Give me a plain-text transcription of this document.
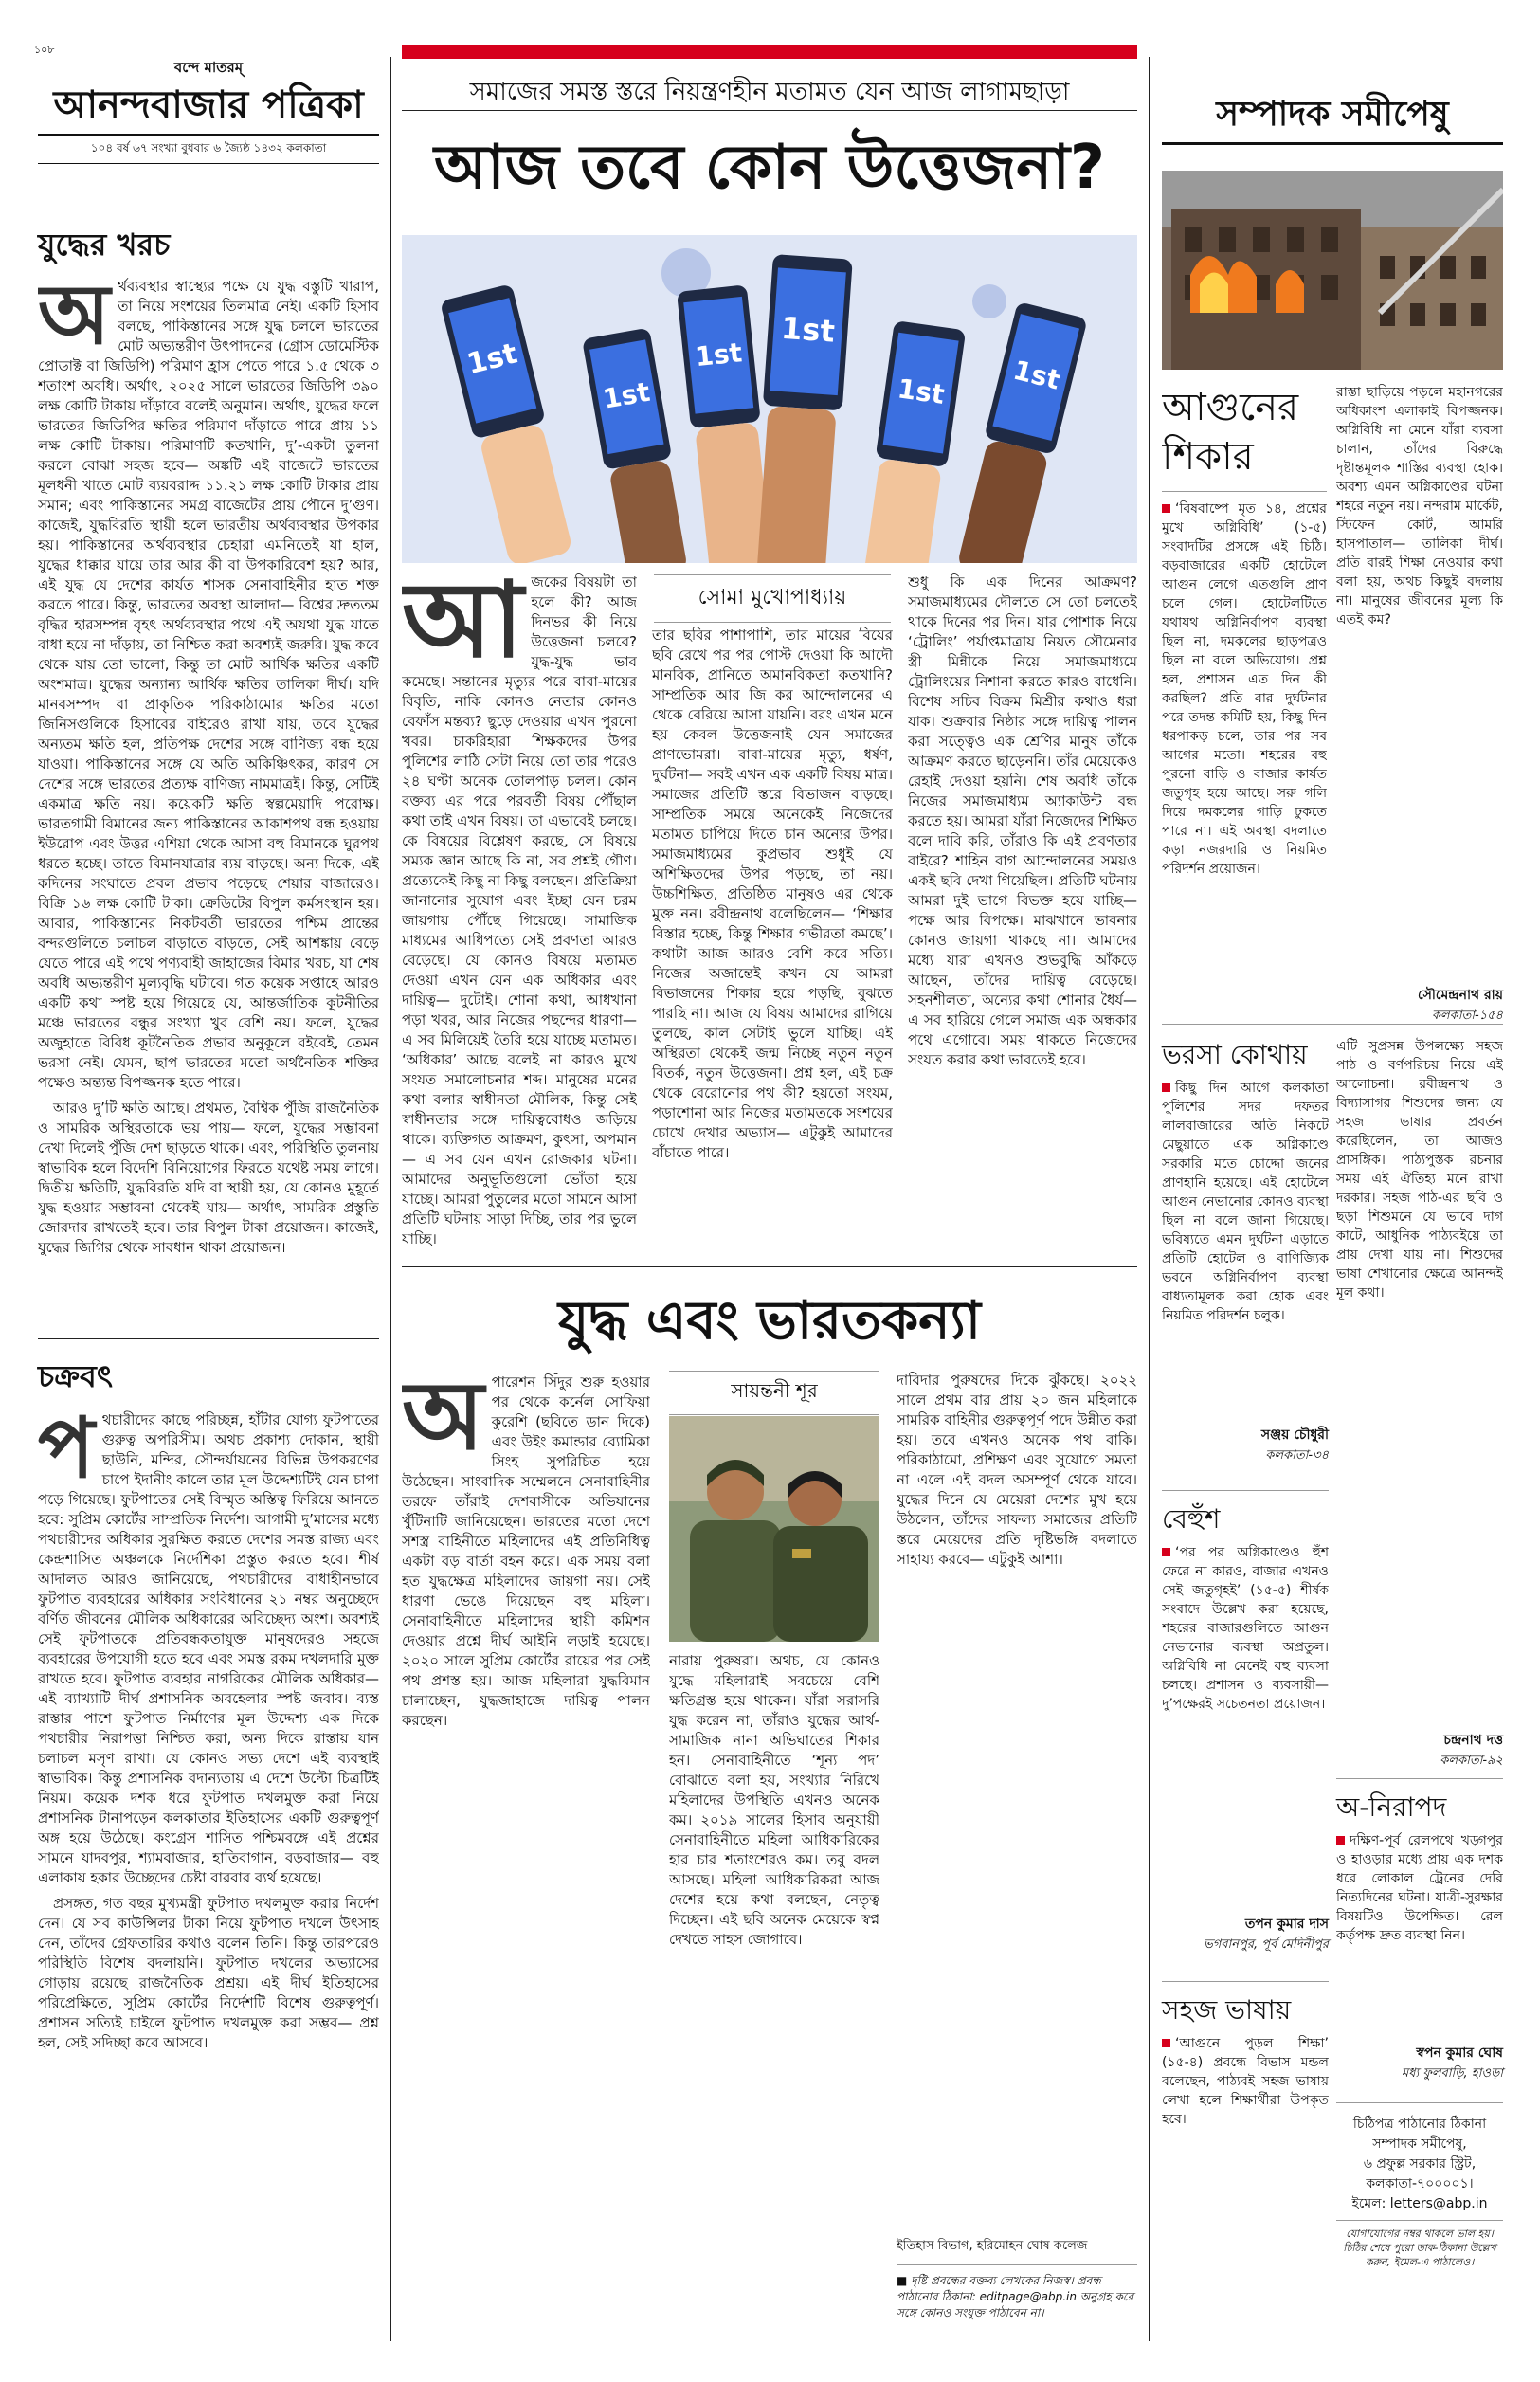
১০৮
বন্দে মাতরম্
আনন্দবাজার পত্রিকা
১০৪ বর্ষ ৬৭ সংখ্যা বুধবার ৬ জ্যৈষ্ঠ ১৪৩২ কলকাতা
যুদ্ধের খরচ
অর্থব্যবস্থার স্বাস্থ্যের পক্ষে যে যুদ্ধ বস্তুটি খারাপ, তা নিয়ে সংশয়ের তিলমাত্র নেই। একটি হিসাব বলছে, পাকিস্তানের সঙ্গে যুদ্ধ চললে ভারতের মোট অভ্যন্তরীণ উৎপাদনের (গ্রোস ডোমেস্টিক প্রোডাক্ট বা জিডিপি) পরিমাণ হ্রাস পেতে পারে ১.৫ থেকে ৩ শতাংশ অবধি। অর্থাৎ, ২০২৫ সালে ভারতের জিডিপি ৩৯০ লক্ষ কোটি টাকায় দাঁড়াবে বলেই অনুমান। অর্থাৎ, যুদ্ধের ফলে ভারতের জিডিপির ক্ষতির পরিমাণ দাঁড়াতে পারে প্রায় ১১ লক্ষ কোটি টাকায়। পরিমাণটি কতখানি, দু’-একটা তুলনা করলে বোঝা সহজ হবে— অঙ্কটি এই বাজেটে ভারতের মূলধনী খাতে মোট ব্যয়বরাদ্দ ১১.২১ লক্ষ কোটি টাকার প্রায় সমান; এবং পাকিস্তানের সমগ্র বাজেটের প্রায় পৌনে দু’গুণ। কাজেই, যুদ্ধবিরতি স্থায়ী হলে ভারতীয় অর্থব্যবস্থার উপকার হয়। পাকিস্তানের অর্থব্যবস্থার চেহারা এমনিতেই যা হাল, যুদ্ধের ধাক্কার যায়ে তার আর কী বা উপকারিবেশ হয়? আর, এই যুদ্ধ যে দেশের কার্যত শাসক সেনাবাহিনীর হাত শক্ত করতে পারে। কিন্তু, ভারতের অবস্থা আলাদা— বিশ্বের দ্রুততম বৃদ্ধির হারসম্পন্ন বৃহৎ অর্থব্যবস্থার পথে এই অযথা যুদ্ধ যাতে বাধা হয়ে না দাঁড়ায়, তা নিশ্চিত করা অবশ্যই জরুরি। যুদ্ধ কবে থেকে যায় তো ভালো, কিন্তু তা মোট আর্থিক ক্ষতির একটি অংশমাত্র। যুদ্ধের অন্যান্য আর্থিক ক্ষতির তালিকা দীর্ঘ। যদি মানবসম্পদ বা প্রাকৃতিক পরিকাঠামোর ক্ষতির মতো জিনিসগুলিকে হিসাবের বাইরেও রাখা যায়, তবে যুদ্ধের অন্যতম ক্ষতি হল, প্রতিপক্ষ দেশের সঙ্গে বাণিজ্য বন্ধ হয়ে যাওয়া। পাকিস্তানের সঙ্গে যে অতি অকিঞ্চিৎকর, কারণ সে দেশের সঙ্গে ভারতের প্রত্যক্ষ বাণিজ্য নামমাত্রই। কিন্তু, সেটিই একমাত্র ক্ষতি নয়। কয়েকটি ক্ষতি স্বল্পমেয়াদি পরোক্ষ। ভারতগামী বিমানের জন্য পাকিস্তানের আকাশপথ বন্ধ হওয়ায় ইউরোপ এবং উত্তর এশিয়া থেকে আসা বহু বিমানকে ঘুরপথ ধরতে হচ্ছে। তাতে বিমানযাত্রার ব্যয় বাড়ছে। অন্য দিকে, এই কদিনের সংঘাতে প্রবল প্রভাব পড়েছে শেয়ার বাজারেও। বিক্রি ১৬ লক্ষ কোটি টাকা। ক্রেডিটের বিপুল কর্মসংস্থান হয়। আবার, পাকিস্তানের নিকটবর্তী ভারতের পশ্চিম প্রান্তের বন্দরগুলিতে চলাচল বাড়াতে বাড়তে, সেই আশঙ্কায় বেড়ে যেতে পারে এই পথে পণ্যবাহী জাহাজের বিমার খরচ, যা শেষ অবধি অভ্যন্তরীণ মূল্যবৃদ্ধি ঘটাবে। গত কয়েক সপ্তাহে আরও একটি কথা স্পষ্ট হয়ে গিয়েছে যে, আন্তর্জাতিক কূটনীতির মঞ্চে ভারতের বন্ধুর সংখ্যা খুব বেশি নয়। ফলে, যুদ্ধের অজুহাতে বিবিধ কূটনৈতিক প্রভাব অনুকূলে বইবেই, তেমন ভরসা নেই। যেমন, ছাপ ভারতের মতো অর্থনৈতিক শক্তির পক্ষেও অন্ত্যন্ত বিপজ্জনক হতে পারে।

আরও দু’টি ক্ষতি আছে। প্রথমত, বৈশ্বিক পুঁজি রাজনৈতিক ও সামরিক অস্থিরতাকে ভয় পায়— ফলে, যুদ্ধের সম্ভাবনা দেখা দিলেই পুঁজি দেশ ছাড়তে থাকে। এবং, পরিস্থিতি তুলনায় স্বাভাবিক হলে বিদেশি বিনিয়োগের ফিরতে যথেষ্ট সময় লাগে। দ্বিতীয় ক্ষতিটি, যুদ্ধবিরতি যদি বা স্থায়ী হয়, যে কোনও মুহূর্তে যুদ্ধ হওয়ার সম্ভাবনা থেকেই যায়— অর্থাৎ, সামরিক প্রস্তুতি জোরদার রাখতেই হবে। তার বিপুল টাকা প্রয়োজন। কাজেই, যুদ্ধের জিগির থেকে সাবধান থাকা প্রয়োজন।

চক্রবৎ
পথচারীদের কাছে পরিচ্ছন্ন, হাঁটার যোগ্য ফুটপাতের গুরুত্ব অপরিসীম। অথচ প্রকাশ্য দোকান, স্থায়ী ছাউনি, মন্দির, সৌন্দর্যায়নের বিভিন্ন উপকরণের চাপে ইদানীং কালে তার মূল উদ্দেশ্যটিই যেন চাপা পড়ে গিয়েছে। ফুটপাতের সেই বিস্মৃত অস্তিত্ব ফিরিয়ে আনতে হবে: সুপ্রিম কোর্টের সাম্প্রতিক নির্দেশ। আগামী দু’মাসের মধ্যে পথচারীদের অধিকার সুরক্ষিত করতে দেশের সমস্ত রাজ্য এবং কেন্দ্রশাসিত অঞ্চলকে নির্দেশিকা প্রস্তুত করতে হবে। শীর্ষ আদালত আরও জানিয়েছে, পথচারীদের বাধাহীনভাবে ফুটপাত ব্যবহারের অধিকার সংবিধানের ২১ নম্বর অনুচ্ছেদে বর্ণিত জীবনের মৌলিক অধিকারের অবিচ্ছেদ্য অংশ। অবশ্যই সেই ফুটপাতকে প্রতিবন্ধকতাযুক্ত মানুষদেরও সহজে ব্যবহারের উপযোগী হতে হবে এবং সমস্ত রকম দখলদারি মুক্ত রাখতে হবে। ফুটপাত ব্যবহার নাগরিকের মৌলিক অধিকার— এই ব্যাখ্যাটি দীর্ঘ প্রশাসনিক অবহেলার স্পষ্ট জবাব। ব্যস্ত রাস্তার পাশে ফুটপাত নির্মাণের মূল উদ্দেশ্য এক দিকে পথচারীর নিরাপত্তা নিশ্চিত করা, অন্য দিকে রাস্তায় যান চলাচল মসৃণ রাখা। যে কোনও সভ্য দেশে এই ব্যবস্থাই স্বাভাবিক। কিন্তু প্রশাসনিক বদান্যতায় এ দেশে উল্টো চিত্রটিই নিয়ম। কয়েক দশক ধরে ফুটপাত দখলমুক্ত করা নিয়ে প্রশাসনিক টানাপড়েন কলকাতার ইতিহাসের একটি গুরুত্বপূর্ণ অঙ্গ হয়ে উঠেছে। কংগ্রেস শাসিত পশ্চিমবঙ্গে এই প্রশ্নের সামনে যাদবপুর, শ্যামবাজার, হাতিবাগান, বড়বাজার— বহু এলাকায় হকার উচ্ছেদের চেষ্টা বারবার ব্যর্থ হয়েছে।

প্রসঙ্গত, গত বছর মুখ্যমন্ত্রী ফুটপাত দখলমুক্ত করার নির্দেশ দেন। যে সব কাউন্সিলর টাকা নিয়ে ফুটপাত দখলে উৎসাহ দেন, তাঁদের গ্রেফতারির কথাও বলেন তিনি। কিন্তু তারপরেও পরিস্থিতি বিশেষ বদলায়নি। ফুটপাত দখলের অভ্যাসের গোড়ায় রয়েছে রাজনৈতিক প্রশ্রয়। এই দীর্ঘ ইতিহাসের পরিপ্রেক্ষিতে, সুপ্রিম কোর্টের নির্দেশটি বিশেষ গুরুত্বপূর্ণ। প্রশাসন সত্যিই চাইলে ফুটপাত দখলমুক্ত করা সম্ভব— প্রশ্ন হল, সেই সদিচ্ছা কবে আসবে।

সমাজের সমস্ত স্তরে নিয়ন্ত্রণহীন মতামত যেন আজ লাগামছাড়া
আজ তবে কোন উত্তেজনা?
1st
1st
1st
1st
1st 1st
আজকের বিষয়টা তা হলে কী? আজ দিনভর কী নিয়ে উত্তেজনা চলবে? যুদ্ধ-যুদ্ধ ভাব কমেছে। সন্তানের মৃত্যুর পরে বাবা-মায়ের বিবৃতি, নাকি কোনও নেতার কোনও বেফাঁস মন্তব্য? ছুড়ে দেওয়ার এখন পুরনো খবর। চাকরিহারা শিক্ষকদের উপর পুলিশের লাঠি সেটা নিয়ে তো তার পরেও ২৪ ঘণ্টা অনেক তোলপাড় চলল। কোন বক্তব্য এর পরে পরবর্তী বিষয় পৌঁছাল কথা তাই এখন বিষয়। তা এভাবেই চলছে। কে বিষয়ের বিশ্লেষণ করছে, সে বিষয়ে সম্যক জ্ঞান আছে কি না, সব প্রশ্নই গৌণ। প্রত্যেকেই কিছু না কিছু বলছেন। প্রতিক্রিয়া জানানোর সুযোগ এবং ইচ্ছা যেন চরম জায়গায় পৌঁছে গিয়েছে। সামাজিক মাধ্যমের আধিপত্যে সেই প্রবণতা আরও বেড়েছে। যে কোনও বিষয়ে মতামত দেওয়া এখন যেন এক অধিকার এবং দায়িত্ব— দুটোই। শোনা কথা, আধখানা পড়া খবর, আর নিজের পছন্দের ধারণা— এ সব মিলিয়েই তৈরি হয়ে যাচ্ছে মতামত। ‘অধিকার’ আছে বলেই না কারও মুখে সংযত সমালোচনার শব্দ। মানুষের মনের কথা বলার স্বাধীনতা মৌলিক, কিন্তু সেই স্বাধীনতার সঙ্গে দায়িত্ববোধও জড়িয়ে থাকে। ব্যক্তিগত আক্রমণ, কুৎসা, অপমান— এ সব যেন এখন রোজকার ঘটনা। আমাদের অনুভূতিগুলো ভোঁতা হয়ে যাচ্ছে। আমরা পুতুলের মতো সামনে আসা প্রতিটি ঘটনায় সাড়া দিচ্ছি, তার পর ভুলে যাচ্ছি।
সোমা মুখোপাধ্যায়
তার ছবির পাশাপাশি, তার মায়ের বিয়ের ছবি রেখে পর পর পোস্ট দেওয়া কি আদৌ মানবিক, প্রানিতে অমানবিকতা কতখানি? সাম্প্রতিক আর জি কর আন্দোলনের এ থেকে বেরিয়ে আসা যায়নি। বরং এখন মনে হয় কেবল উত্তেজনাই যেন সমাজের প্রাণভোমরা। বাবা-মায়ের মৃত্যু, ধর্ষণ, দুর্ঘটনা— সবই এখন এক একটি বিষয় মাত্র। সমাজের প্রতিটি স্তরে বিভাজন বাড়ছে। সাম্প্রতিক সময়ে অনেকেই নিজেদের মতামত চাপিয়ে দিতে চান অন্যের উপর। সমাজমাধ্যমের কুপ্রভাব শুধুই যে অশিক্ষিতদের উপর পড়ছে, তা নয়। উচ্চশিক্ষিত, প্রতিষ্ঠিত মানুষও এর থেকে মুক্ত নন। রবীন্দ্রনাথ বলেছিলেন— ‘শিক্ষার বিস্তার হচ্ছে, কিন্তু শিক্ষার গভীরতা কমছে’। কথাটা আজ আরও বেশি করে সত্যি। নিজের অজান্তেই কখন যে আমরা বিভাজনের শিকার হয়ে পড়ছি, বুঝতে পারছি না। আজ যে বিষয় আমাদের রাগিয়ে তুলছে, কাল সেটাই ভুলে যাচ্ছি। এই অস্থিরতা থেকেই জন্ম নিচ্ছে নতুন নতুন বিতর্ক, নতুন উত্তেজনা। প্রশ্ন হল, এই চক্র থেকে বেরোনোর পথ কী? হয়তো সংযম, পড়াশোনা আর নিজের মতামতকে সংশয়ের চোখে দেখার অভ্যাস— এটুকুই আমাদের বাঁচাতে পারে।
শুধু কি এক দিনের আক্রমণ? সমাজমাধ্যমের দৌলতে সে তো চলতেই থাকে দিনের পর দিন। যার পোশাক নিয়ে ‘ট্রোলিং’ পর্যাপ্তমাত্রায় নিয়ত সৌমেনার স্ত্রী মিন্নীকে নিয়ে সমাজমাধ্যমে ট্রোলিংয়ের নিশানা করতে কারও বাধেনি। বিশেষ সচিব বিক্রম মিশ্রীর কথাও ধরা যাক। শুক্রবার নিষ্ঠার সঙ্গে দায়িত্ব পালন করা সত্ত্বেও এক শ্রেণির মানুষ তাঁকে আক্রমণ করতে ছাড়েননি। তাঁর মেয়েকেও রেহাই দেওয়া হয়নি। শেষ অবধি তাঁকে নিজের সমাজমাধ্যম অ্যাকাউন্ট বন্ধ করতে হয়। আমরা যাঁরা নিজেদের শিক্ষিত বলে দাবি করি, তাঁরাও কি এই প্রবণতার বাইরে? শাহিন বাগ আন্দোলনের সময়ও একই ছবি দেখা গিয়েছিল। প্রতিটি ঘটনায় আমরা দুই ভাগে বিভক্ত হয়ে যাচ্ছি— পক্ষে আর বিপক্ষে। মাঝখানে ভাবনার কোনও জায়গা থাকছে না। আমাদের মধ্যে যারা এখনও শুভবুদ্ধি আঁকড়ে আছেন, তাঁদের দায়িত্ব বেড়েছে। সহনশীলতা, অন্যের কথা শোনার ধৈর্য— এ সব হারিয়ে গেলে সমাজ এক অন্ধকার পথে এগোবে। সময় থাকতে নিজেদের সংযত করার কথা ভাবতেই হবে।
যুদ্ধ এবং ভারতকন্যা
অপারেশন সিঁদুর শুরু হওয়ার পর থেকে কর্নেল সোফিয়া কুরেশি (ছবিতে ডান দিকে) এবং উইং কমান্ডার ব্যোমিকা সিংহ সুপরিচিত হয়ে উঠেছেন। সাংবাদিক সম্মেলনে সেনাবাহিনীর তরফে তাঁরাই দেশবাসীকে অভিযানের খুঁটিনাটি জানিয়েছেন। ভারতের মতো দেশে সশস্ত্র বাহিনীতে মহিলাদের এই প্রতিনিধিত্ব একটা বড় বার্তা বহন করে। এক সময় বলা হত যুদ্ধক্ষেত্র মহিলাদের জায়গা নয়। সেই ধারণা ভেঙে দিয়েছেন বহু মহিলা। সেনাবাহিনীতে মহিলাদের স্থায়ী কমিশন দেওয়ার প্রশ্নে দীর্ঘ আইনি লড়াই হয়েছে। ২০২০ সালে সুপ্রিম কোর্টের রায়ের পর সেই পথ প্রশস্ত হয়। আজ মহিলারা যুদ্ধবিমান চালাচ্ছেন, যুদ্ধজাহাজে দায়িত্ব পালন করছেন।
সায়ন্তনী শূর
নারায় পুরুষরা। অথচ, যে কোনও যুদ্ধে মহিলারাই সবচেয়ে বেশি ক্ষতিগ্রস্ত হয়ে থাকেন। যাঁরা সরাসরি যুদ্ধ করেন না, তাঁরাও যুদ্ধের আর্থ-সামাজিক নানা অভিঘাতের শিকার হন। সেনাবাহিনীতে ‘শূন্য পদ’ বোঝাতে বলা হয়, সংখ্যার নিরিখে মহিলাদের উপস্থিতি এখনও অনেক কম। ২০১৯ সালের হিসাব অনুযায়ী সেনাবাহিনীতে মহিলা আধিকারিকের হার চার শতাংশেরও কম। তবু বদল আসছে। মহিলা আধিকারিকরা আজ দেশের হয়ে কথা বলছেন, নেতৃত্ব দিচ্ছেন। এই ছবি অনেক মেয়েকে স্বপ্ন দেখতে সাহস জোগাবে।
দাবিদার পুরুষদের দিকে ঝুঁকছে। ২০২২ সালে প্রথম বার প্রায় ২০ জন মহিলাকে সামরিক বাহিনীর গুরুত্বপূর্ণ পদে উন্নীত করা হয়। তবে এখনও অনেক পথ বাকি। পরিকাঠামো, প্রশিক্ষণ এবং সুযোগে সমতা না এলে এই বদল অসম্পূর্ণ থেকে যাবে। যুদ্ধের দিনে যে মেয়েরা দেশের মুখ হয়ে উঠলেন, তাঁদের সাফল্য সমাজের প্রতিটি স্তরে মেয়েদের প্রতি দৃষ্টিভঙ্গি বদলাতে সাহায্য করবে— এটুকুই আশা।
ইতিহাস বিভাগ, হরিমোহন ঘোষ কলেজ
■ দৃষ্টি প্রবন্ধের বক্তব্য লেখকের নিজস্ব। প্রবন্ধ পাঠানোর ঠিকানা: editpage@abp.in অনুগ্রহ করে সঙ্গে কোনও সংযুক্ত পাঠাবেন না।
সম্পাদক সমীপেষু
আগুনের শিকার
‘বিষবাষ্পে মৃত ১৪, প্রশ্নের মুখে অগ্নিবিধি’ (১-৫) সংবাদটির প্রসঙ্গে এই চিঠি। বড়বাজারের একটি হোটেলে আগুন লেগে এতগুলি প্রাণ চলে গেল। হোটেলটিতে যথাযথ অগ্নিনির্বাপণ ব্যবস্থা ছিল না, দমকলের ছাড়পত্রও ছিল না বলে অভিযোগ। প্রশ্ন হল, প্রশাসন এত দিন কী করছিল? প্রতি বার দুর্ঘটনার পরে তদন্ত কমিটি হয়, কিছু দিন ধরপাকড় চলে, তার পর সব আগের মতো। শহরের বহু পুরনো বাড়ি ও বাজার কার্যত জতুগৃহ হয়ে আছে। সরু গলি দিয়ে দমকলের গাড়ি ঢুকতে পারে না। এই অবস্থা বদলাতে কড়া নজরদারি ও নিয়মিত পরিদর্শন প্রয়োজন।
রাস্তা ছাড়িয়ে পড়লে মহানগরের অধিকাংশ এলাকাই বিপজ্জনক। অগ্নিবিধি না মেনে যাঁরা ব্যবসা চালান, তাঁদের বিরুদ্ধে দৃষ্টান্তমূলক শাস্তির ব্যবস্থা হোক। অবশ্য এমন অগ্নিকাণ্ডের ঘটনা শহরে নতুন নয়। নন্দরাম মার্কেট, স্টিফেন কোর্ট, আমরি হাসপাতাল— তালিকা দীর্ঘ। প্রতি বারই শিক্ষা নেওয়ার কথা বলা হয়, অথচ কিছুই বদলায় না। মানুষের জীবনের মূল্য কি এতই কম?
সৌমেন্দ্রনাথ রায়
কলকাতা-১৫৪
ভরসা কোথায়
কিছু দিন আগে কলকাতা পুলিশের সদর দফতর লালবাজারের অতি নিকটে মেছুয়াতে এক অগ্নিকাণ্ডে সরকারি মতে চোদ্দো জনের প্রাণহানি হয়েছে। এই হোটেলে আগুন নেভানোর কোনও ব্যবস্থা ছিল না বলে জানা গিয়েছে। ভবিষ্যতে এমন দুর্ঘটনা এড়াতে প্রতিটি হোটেল ও বাণিজ্যিক ভবনে অগ্নিনির্বাপণ ব্যবস্থা বাধ্যতামূলক করা হোক এবং নিয়মিত পরিদর্শন চলুক।
সঞ্জয় চৌধুরী
কলকাতা-৩৪
বেহুঁশ
‘পর পর অগ্নিকাণ্ডেও হুঁশ ফেরে না কারও, বাজার এখনও সেই জতুগৃহই’ (১৫-৫) শীর্ষক সংবাদে উল্লেখ করা হয়েছে, শহরের বাজারগুলিতে আগুন নেভানোর ব্যবস্থা অপ্রতুল। অগ্নিবিধি না মেনেই বহু ব্যবসা চলছে। প্রশাসন ও ব্যবসায়ী— দু’পক্ষেরই সচেতনতা প্রয়োজন।
তপন কুমার দাস
ভগবানপুর, পূর্ব মেদিনীপুর
সহজ ভাষায়
‘আগুনে পুড়ল শিক্ষা’ (১৫-৪) প্রবন্ধে বিভাস মন্ডল বলেছেন, পাঠ্যবই সহজ ভাষায় লেখা হলে শিক্ষার্থীরা উপকৃত হবে।
এটি সুপ্রসন্ন উপলক্ষ্যে সহজ পাঠ ও বর্ণপরিচয় নিয়ে এই আলোচনা। রবীন্দ্রনাথ ও বিদ্যাসাগর শিশুদের জন্য যে সহজ ভাষার প্রবর্তন করেছিলেন, তা আজও প্রাসঙ্গিক। পাঠ্যপুস্তক রচনার সময় এই ঐতিহ্য মনে রাখা দরকার। সহজ পাঠ-এর ছবি ও ছড়া শিশুমনে যে ভাবে দাগ কাটে, আধুনিক পাঠ্যবইয়ে তা প্রায় দেখা যায় না। শিশুদের ভাষা শেখানোর ক্ষেত্রে আনন্দই মূল কথা।
চন্দ্রনাথ দত্ত
কলকাতা-৯২
অ-নিরাপদ
দক্ষিণ-পূর্ব রেলপথে খড়্গপুর ও হাওড়ার মধ্যে প্রায় এক দশক ধরে লোকাল ট্রেনের দেরি নিত্যদিনের ঘটনা। যাত্রী-সুরক্ষার বিষয়টিও উপেক্ষিত। রেল কর্তৃপক্ষ দ্রুত ব্যবস্থা নিন।
স্বপন কুমার ঘোষ
মধ্য ফুলবাড়ি, হাওড়া
চিঠিপত্র পাঠানোর ঠিকানা
সম্পাদক সমীপেষু,
৬ প্রফুল্ল সরকার স্ট্রিট,
কলকাতা-৭০০০০১।
ইমেল: letters@abp.in
যোগাযোগের নম্বর থাকলে ভাল হয়। চিঠির শেষে পুরো ডাক-ঠিকানা উল্লেখ করুন, ইমেল-এ পাঠালেও।
